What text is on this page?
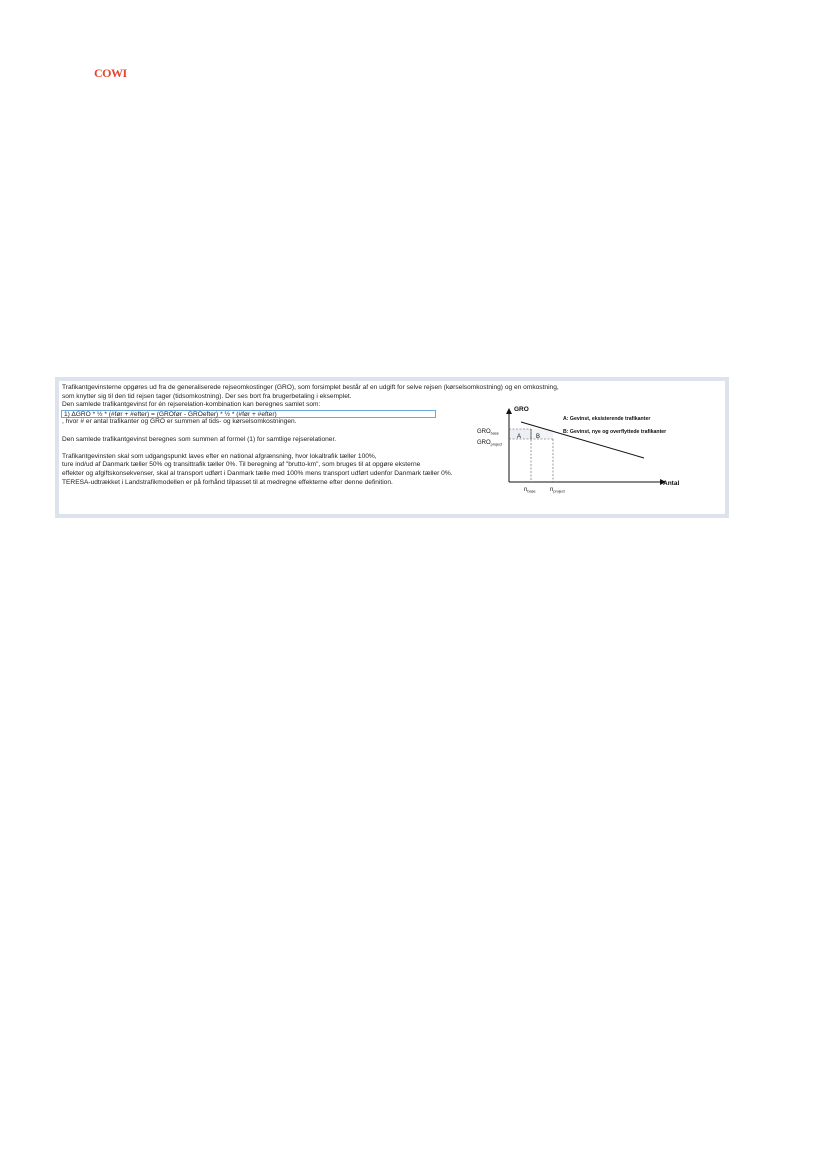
COWI
Trafikantgevinsterne opgøres ud fra de generaliserede rejseomkostinger (GRO), som forsimplet består af en udgift for selve rejsen (kørselsomkostning) og en omkostning,
som knytter sig til den tid rejsen tager (tidsomkostning). Der ses bort fra brugerbetaling i eksemplet.
Den samlede trafikantgevinst for én rejserelation-kombination kan beregnes samlet som:
1) ΔGRO * ½ * (#før + #efter) = (GROfør - GROefter) * ½ * (#før + #efter)
, hvor # er antal trafikanter og GRO er summen af tids- og kørselsomkostningen.
Den samlede trafikantgevinst beregnes som summen af formel (1) for samtlige rejserelationer.
Trafikantgevinsten skal som udgangspunkt laves efter en national afgrænsning, hvor lokaltrafik tæller 100%,
ture ind/ud af Danmark tæller 50% og transittrafik tæller 0%. Til beregning af "brutto-km", som bruges til at opgøre eksterne
effekter og afgiftskonsekvenser, skal al transport udført i Danmark tælle med 100% mens transport udført udenfor Danmark tæller 0%.
TERESA-udtrækket i Landstrafikmodellen er på forhånd tilpasset til at medregne effekterne efter denne definition.
GRO
Antal
$GRO_{base}$
$GRO_{project}$
A B
$n_{base}$ $n_{project}$
A: Gevinst, eksisterende trafikanter
B: Gevinst, nye og overflyttede trafikanter
